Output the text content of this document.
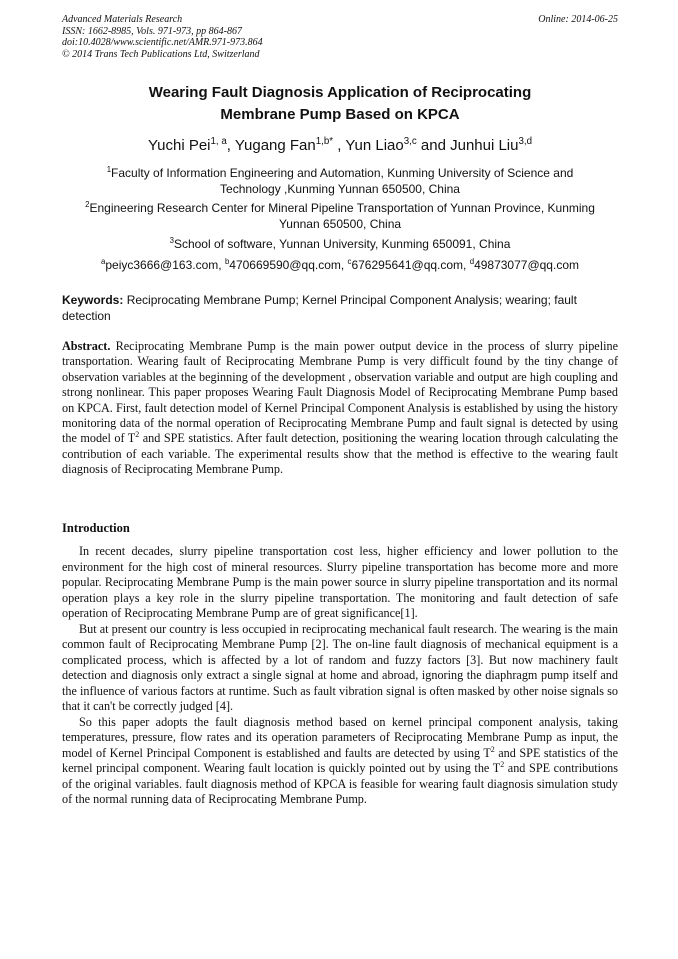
Advanced Materials Research
ISSN: 1662-8985, Vols. 971-973, pp 864-867
doi:10.4028/www.scientific.net/AMR.971-973.864
© 2014 Trans Tech Publications Ltd, Switzerland
Online: 2014-06-25
Wearing Fault Diagnosis Application of Reciprocating
Membrane Pump Based on KPCA
Yuchi Pei$^{1, a}$, Yugang Fan$^{1,b*}$ , Yun Liao$^{3,c}$ and Junhui Liu$^{3,d}$
$^1$Faculty of Information Engineering and Automation, Kunming University of Science and
Technology ,Kunming Yunnan 650500, China
$^2$Engineering Research Center for Mineral Pipeline Transportation of Yunnan Province, Kunming
Yunnan 650500, China
$^3$School of software, Yunnan University, Kunming 650091, China
$^a$peiyc3666@163.com, $^b$470669590@qq.com, $^c$676295641@qq.com, $^d$49873077@qq.com
Keywords: Reciprocating Membrane Pump; Kernel Principal Component Analysis; wearing; fault detection
Abstract. Reciprocating Membrane Pump is the main power output device in the process of slurry pipeline transportation. Wearing fault of Reciprocating Membrane Pump is very difficult found by the tiny change of observation variables at the beginning of the development , observation variable and output are high coupling and strong nonlinear. This paper proposes Wearing Fault Diagnosis Model of Reciprocating Membrane Pump based on KPCA. First, fault detection model of Kernel Principal Component Analysis is established by using the history monitoring data of the normal operation of Reciprocating Membrane Pump and fault signal is detected by using the model of $T^2$ and SPE statistics. After fault detection, positioning the wearing location through calculating the contribution of each variable. The experimental results show that the method is effective to the wearing fault diagnosis of Reciprocating Membrane Pump.
Introduction

In recent decades, slurry pipeline transportation cost less, higher efficiency and lower pollution to the environment for the high cost of mineral resources. Slurry pipeline transportation has become more and more popular. Reciprocating Membrane Pump is the main power source in slurry pipeline transportation and its normal operation plays a key role in the slurry pipeline transportation. The monitoring and fault detection of safe operation of Reciprocating Membrane Pump are of great significance[1].

But at present our country is less occupied in reciprocating mechanical fault research. The wearing is the main common fault of Reciprocating Membrane Pump [2]. The on-line fault diagnosis of mechanical equipment is a complicated process, which is affected by a lot of random and fuzzy factors [3]. But now machinery fault detection and diagnosis only extract a single signal at home and abroad, ignoring the diaphragm pump itself and the influence of various factors at runtime. Such as fault vibration signal is often masked by other noise signals so that it can't be correctly judged [4].

So this paper adopts the fault diagnosis method based on kernel principal component analysis, taking temperatures, pressure, flow rates and its operation parameters of Reciprocating Membrane Pump as input, the model of Kernel Principal Component is established and faults are detected by using $T^2$ and SPE statistics of the kernel principal component. Wearing fault location is quickly pointed out by using the $T^2$ and SPE contributions of the original variables. fault diagnosis method of KPCA is feasible for wearing fault diagnosis simulation study of the normal running data of Reciprocating Membrane Pump.
